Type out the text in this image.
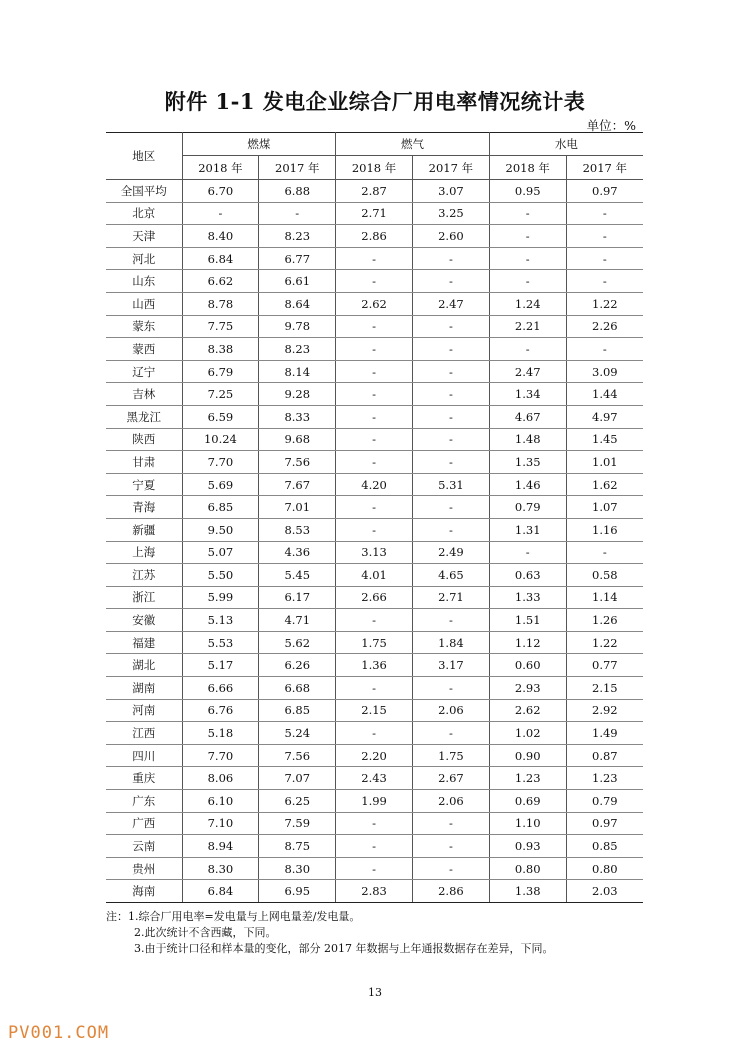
附件 1-1 发电企业综合厂用电率情况统计表
单位：%
地区	燃煤		燃气		水电	
	2018 年	2017 年	2018 年	2017 年	2018 年	2017 年
全国平均	6.70	6.88	2.87	3.07	0.95	0.97
北京	-	-	2.71	3.25	-	-
天津	8.40	8.23	2.86	2.60	-	-
河北	6.84	6.77	-	-	-	-
山东	6.62	6.61	-	-	-	-
山西	8.78	8.64	2.62	2.47	1.24	1.22
蒙东	7.75	9.78	-	-	2.21	2.26
蒙西	8.38	8.23	-	-	-	-
辽宁	6.79	8.14	-	-	2.47	3.09
吉林	7.25	9.28	-	-	1.34	1.44
黑龙江	6.59	8.33	-	-	4.67	4.97
陕西	10.24	9.68	-	-	1.48	1.45
甘肃	7.70	7.56	-	-	1.35	1.01
宁夏	5.69	7.67	4.20	5.31	1.46	1.62
青海	6.85	7.01	-	-	0.79	1.07
新疆	9.50	8.53	-	-	1.31	1.16
上海	5.07	4.36	3.13	2.49	-	-
江苏	5.50	5.45	4.01	4.65	0.63	0.58
浙江	5.99	6.17	2.66	2.71	1.33	1.14
安徽	5.13	4.71	-	-	1.51	1.26
福建	5.53	5.62	1.75	1.84	1.12	1.22
湖北	5.17	6.26	1.36	3.17	0.60	0.77
湖南	6.66	6.68	-	-	2.93	2.15
河南	6.76	6.85	2.15	2.06	2.62	2.92
江西	5.18	5.24	-	-	1.02	1.49
四川	7.70	7.56	2.20	1.75	0.90	0.87
重庆	8.06	7.07	2.43	2.67	1.23	1.23
广东	6.10	6.25	1.99	2.06	0.69	0.79
广西	7.10	7.59	-	-	1.10	0.97
云南	8.94	8.75	-	-	0.93	0.85
贵州	8.30	8.30	-	-	0.80	0.80
海南	6.84	6.95	2.83	2.86	1.38	2.03
注：1.综合厂用电率=发电量与上网电量差/发电量。
2.此次统计不含西藏，下同。
3.由于统计口径和样本量的变化，部分 2017 年数据与上年通报数据存在差异，下同。
13
PV001.COM
